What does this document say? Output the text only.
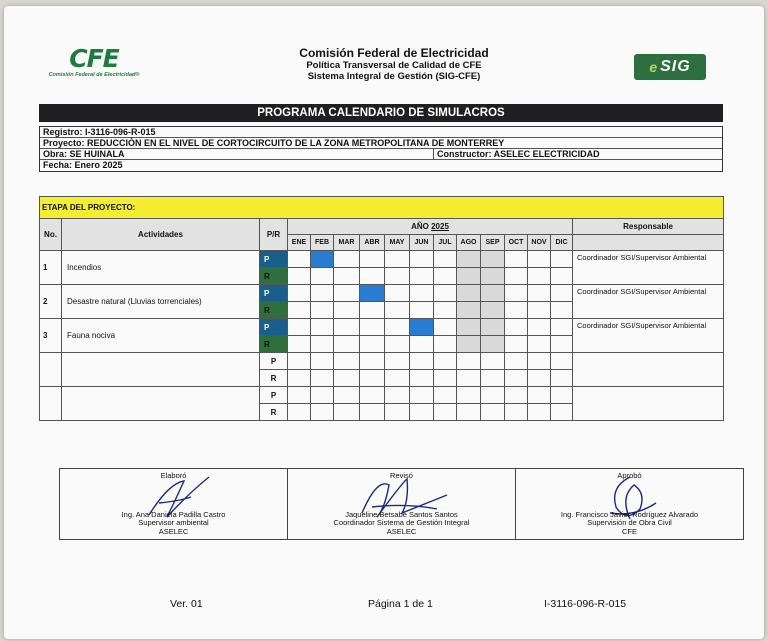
CFE
Comisión Federal de Electricidad®
Comisión Federal de Electricidad
Política Transversal de Calidad de CFE
Sistema Integral de Gestión (SIG-CFE)
e SIG
PROGRAMA CALENDARIO DE SIMULACROS
Registro: I-3116-096-R-015
Proyecto: REDUCCIÓN EN EL NIVEL DE CORTOCIRCUITO DE LA ZONA METROPOLITANA DE MONTERREY
Obra: SE HUINALA	Constructor: ASELEC ELECTRICIDAD
Fecha: Enero 2025
ETAPA DEL PROYECTO:															
No.	Actividades	P/R	AÑO 2025												Responsable
			ENE	FEB	MAR	ABR	MAY	JUN	JUL	AGO	SEP	OCT	NOV	DIC	
1	Incendios	P													Coordinador SGI/Supervisor Ambiental
		R													
2	Desastre natural (Lluvias torrenciales)	P													Coordinador SGI/Supervisor Ambiental
		R													
3	Fauna nociva	P													Coordinador SGI/Supervisor Ambiental
		R													
		P													
		R													
		P													
		R													
Elaboró
Ing. Ana Daniela Padilla Castro
Supervisor ambiental
ASELEC
Revisó
Jaqueline Betsabe Santos Santos
Coordinador Sistema de Gestión Integral
ASELEC
Aprobó
Ing. Francisco Javier Rodríguez Alvarado
Supervisión de Obra Civil
CFE
Ver. 01	Página 1 de 1	I-3116-096-R-015
